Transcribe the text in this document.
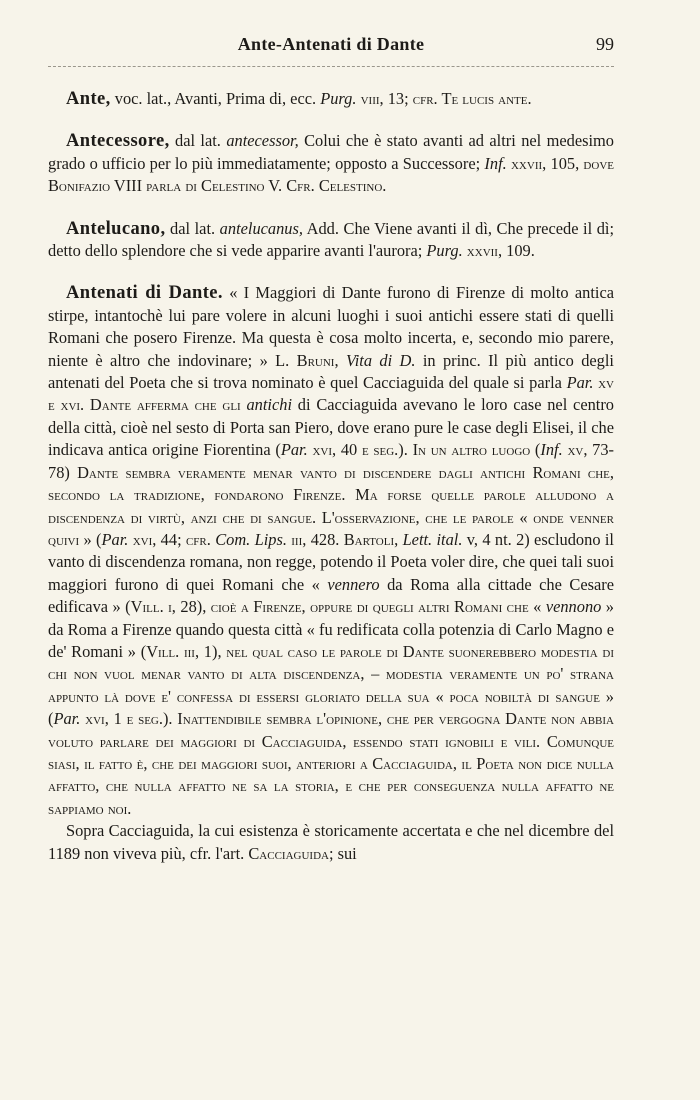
Ante-Antenati di Dante	99

Ante, voc. lat., Avanti, Prima di, ecc. Purg. viii, 13; cfr. Te lucis ante.

Antecessore, dal lat. antecessor, Colui che è stato avanti ad altri nel medesimo grado o ufficio per lo più immediatamente; opposto a Successore; Inf. xxvii, 105, dove Bonifazio VIII parla di Celestino V. Cfr. Celestino.

Antelucano, dal lat. antelucanus, Add. Che Viene avanti il dì, Che precede il dì; detto dello splendore che si vede apparire avanti l'aurora; Purg. xxvii, 109.

Antenati di Dante. « I Maggiori di Dante furono di Firenze di molto antica stirpe, intantochè lui pare volere in alcuni luoghi i suoi antichi essere stati di quelli Romani che posero Firenze. Ma questa è cosa molto incerta, e, secondo mio parere, niente è altro che indovinare; » L. Bruni, Vita di D. in princ. Il più antico degli antenati del Poeta che si trova nominato è quel Cacciaguida del quale si parla Par. xv e xvi. Dante afferma che gli antichi di Cacciaguida avevano le loro case nel centro della città, cioè nel sesto di Porta san Piero, dove erano pure le case degli Elisei, il che indicava antica origine Fiorentina (Par. xvi, 40 e seg.). In un altro luogo (Inf. xv, 73-78) Dante sembra veramente menar vanto di discendere dagli antichi Romani che, secondo la tradizione, fondarono Firenze. Ma forse quelle parole alludono a discendenza di virtù, anzi che di sangue. L'osservazione, che le parole « onde venner quivi » (Par. xvi, 44; cfr. Com. Lips. iii, 428. Bartoli, Lett. ital. v, 4 nt. 2) escludono il vanto di discendenza romana, non regge, potendo il Poeta voler dire, che quei tali suoi maggiori furono di quei Romani che « vennero da Roma alla cittade che Cesare edificava » (Vill. i, 28), cioè a Firenze, oppure di quegli altri Romani che « vennono » da Roma a Firenze quando questa città « fu redificata colla potenzia di Carlo Magno e de' Romani » (Vill. iii, 1), nel qual caso le parole di Dante suonerebbero modestia di chi non vuol menar vanto di alta discendenza, – modestia veramente un po' strana appunto là dove e' confessa di essersi gloriato della sua « poca nobiltà di sangue » (Par. xvi, 1 e seg.). Inattendibile sembra l'opinione, che per vergogna Dante non abbia voluto parlare dei maggiori di Cacciaguida, essendo stati ignobili e vili. Comunque siasi, il fatto è, che dei maggiori suoi, anteriori a Cacciaguida, il Poeta non dice nulla affatto, che nulla affatto ne sa la storia, e che per conseguenza nulla affatto ne sappiamo noi.

Sopra Cacciaguida, la cui esistenza è storicamente accertata e che nel dicembre del 1189 non viveva più, cfr. l'art. Cacciaguida; sui
